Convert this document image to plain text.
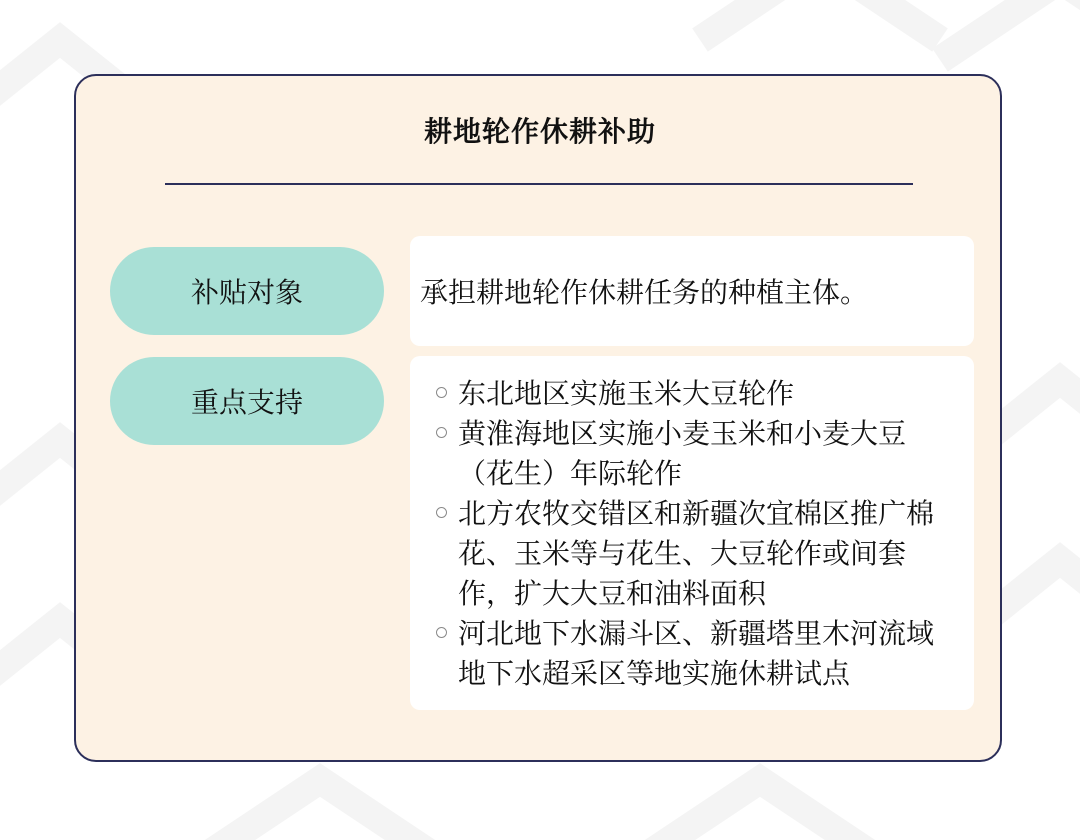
耕地轮作休耕补助
补贴对象	承担耕地轮作休耕任务的种植主体。
重点支持	东北地区实施玉米大豆轮作
黄淮海地区实施小麦玉米和小麦大豆（花生）年际轮作
北方农牧交错区和新疆次宜棉区推广棉花、玉米等与花生、大豆轮作或间套作，扩大大豆和油料面积
河北地下水漏斗区、新疆塔里木河流域地下水超采区等地实施休耕试点
